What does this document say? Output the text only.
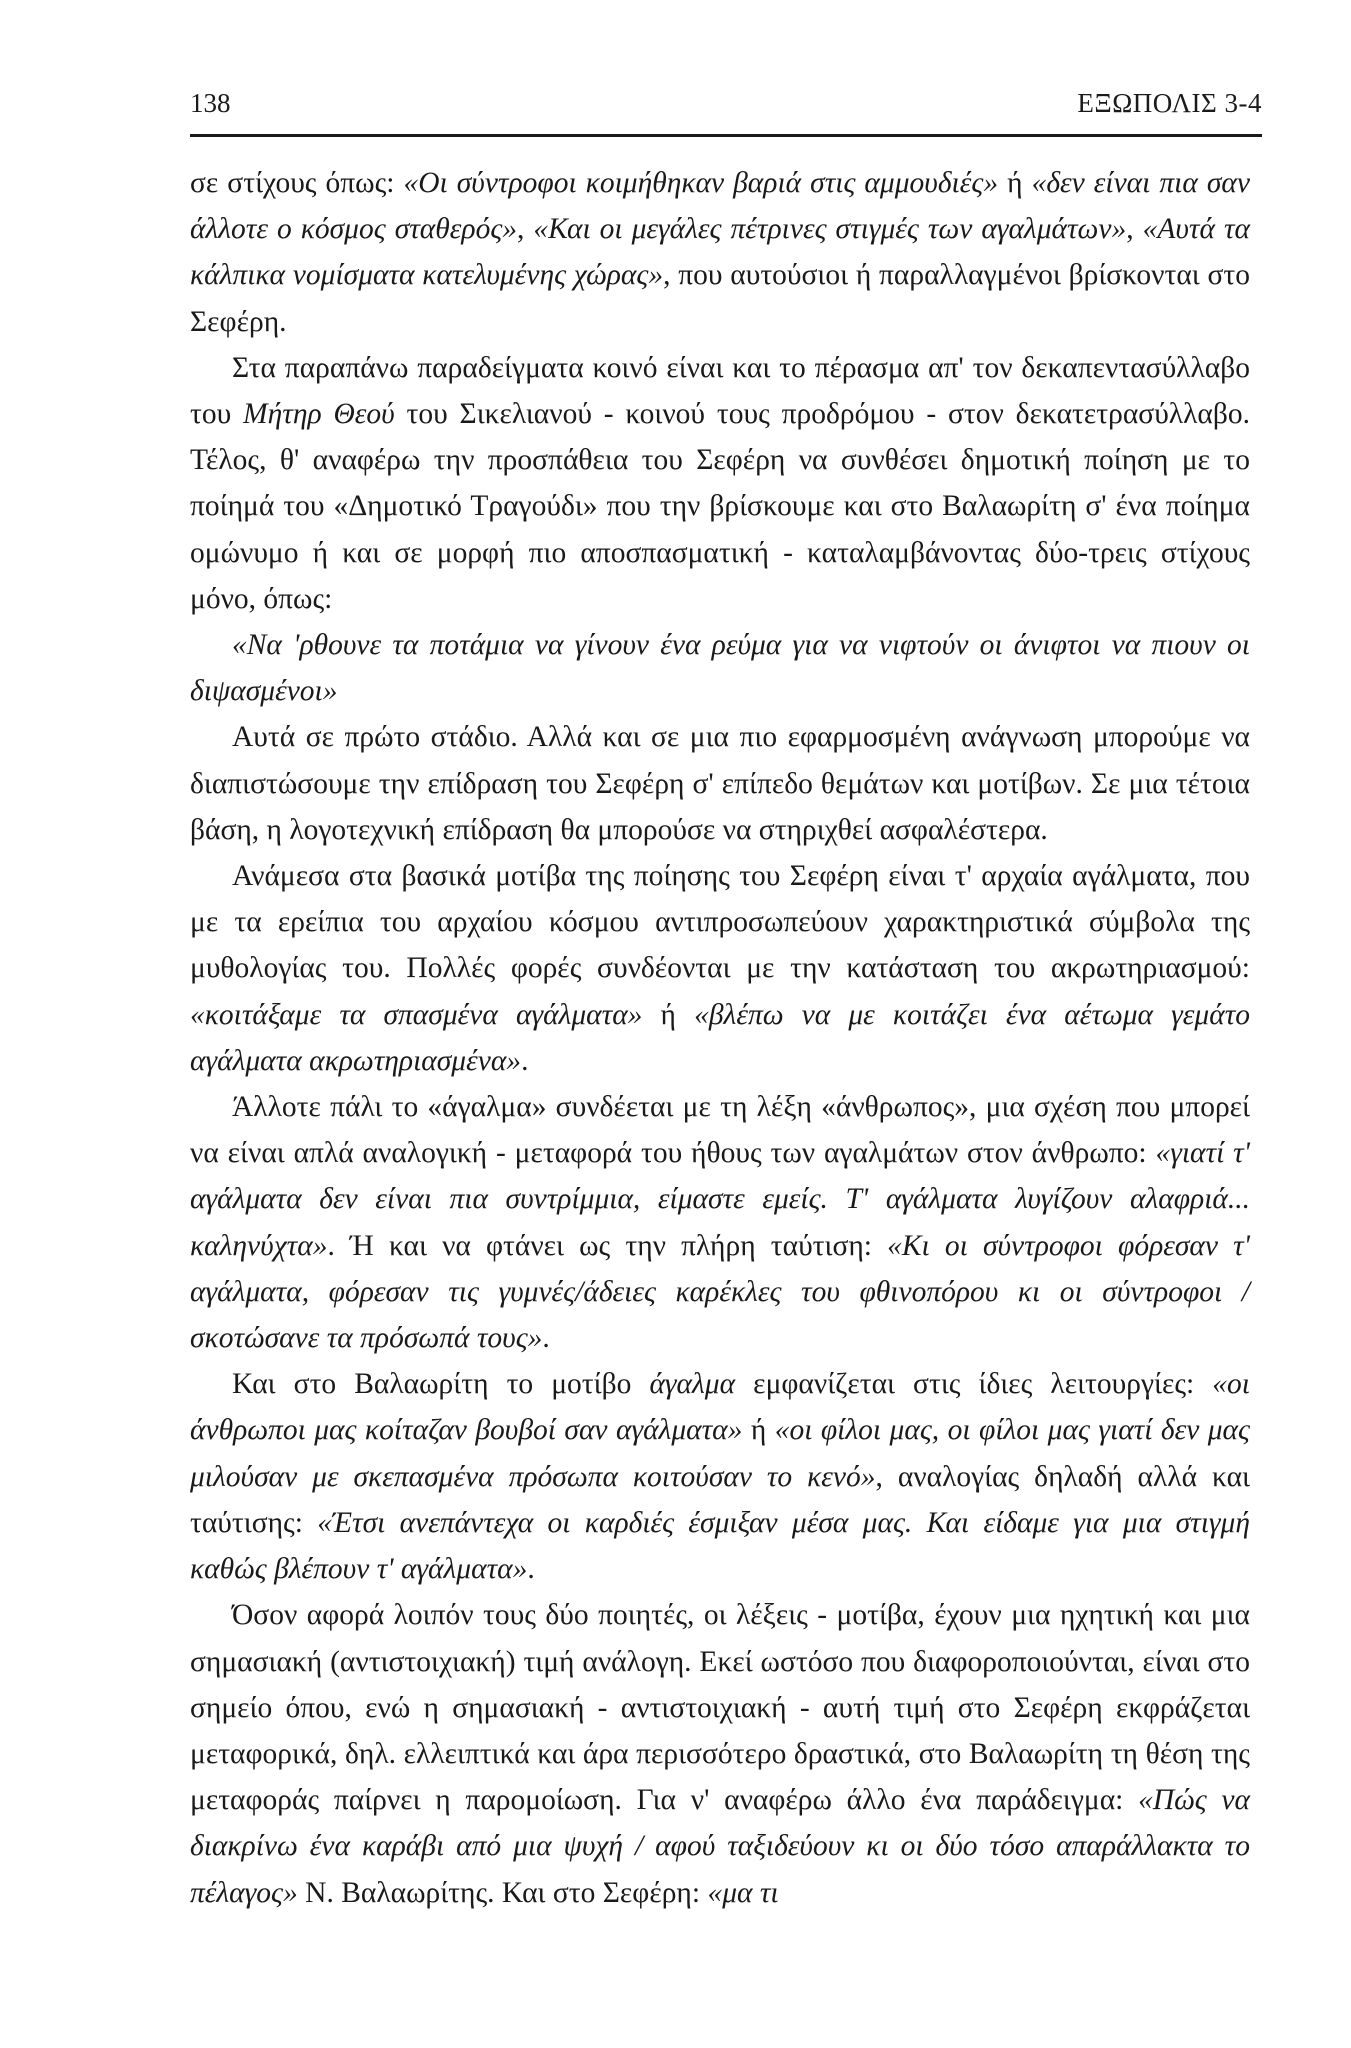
138	ΕΞΩΠΟΛΙΣ 3-4

σε στίχους όπως: «Οι σύντροφοι κοιμήθηκαν βαριά στις αμμουδιές» ή «δεν είναι πια σαν άλλοτε ο κόσμος σταθερός», «Και οι μεγάλες πέτρινες στιγμές των αγαλμάτων», «Αυτά τα κάλπικα νομίσματα κατελυμένης χώρας», που αυτούσιοι ή παραλλαγμένοι βρίσκονται στο Σεφέρη.

Στα παραπάνω παραδείγματα κοινό είναι και το πέρασμα απ' τον δεκαπεντασύλλαβο του Μήτηρ Θεού του Σικελιανού - κοινού τους προδρόμου - στον δεκατετρασύλλαβο. Τέλος, θ' αναφέρω την προσπάθεια του Σεφέρη να συνθέσει δημοτική ποίηση με το ποίημά του «Δημοτικό Τραγούδι» που την βρίσκουμε και στο Βαλαωρίτη σ' ένα ποίημα ομώνυμο ή και σε μορφή πιο αποσπασματική - καταλαμβάνοντας δύο-τρεις στίχους μόνο, όπως:

«Να 'ρθουνε τα ποτάμια να γίνουν ένα ρεύμα για να νιφτούν οι άνιφτοι να πιουν οι διψασμένοι»

Αυτά σε πρώτο στάδιο. Αλλά και σε μια πιο εφαρμοσμένη ανάγνωση μπορούμε να διαπιστώσουμε την επίδραση του Σεφέρη σ' επίπεδο θεμάτων και μοτίβων. Σε μια τέτοια βάση, η λογοτεχνική επίδραση θα μπορούσε να στηριχθεί ασφαλέστερα.

Ανάμεσα στα βασικά μοτίβα της ποίησης του Σεφέρη είναι τ' αρχαία αγάλματα, που με τα ερείπια του αρχαίου κόσμου αντιπροσωπεύουν χαρακτηριστικά σύμβολα της μυθολογίας του. Πολλές φορές συνδέονται με την κατάσταση του ακρωτηριασμού: «κοιτάξαμε τα σπασμένα αγάλματα» ή «βλέπω να με κοιτάζει ένα αέτωμα γεμάτο αγάλματα ακρωτηριασμένα».

Άλλοτε πάλι το «άγαλμα» συνδέεται με τη λέξη «άνθρωπος», μια σχέση που μπορεί να είναι απλά αναλογική - μεταφορά του ήθους των αγαλμάτων στον άνθρωπο: «γιατί τ' αγάλματα δεν είναι πια συντρίμμια, είμαστε εμείς. Τ' αγάλματα λυγίζουν αλαφριά... καληνύχτα». Ή και να φτάνει ως την πλήρη ταύτιση: «Κι οι σύντροφοι φόρεσαν τ' αγάλματα, φόρεσαν τις γυμνές/άδειες καρέκλες του φθινοπόρου κι οι σύντροφοι / σκοτώσανε τα πρόσωπά τους».

Και στο Βαλαωρίτη το μοτίβο άγαλμα εμφανίζεται στις ίδιες λειτουργίες: «οι άνθρωποι μας κοίταζαν βουβοί σαν αγάλματα» ή «οι φίλοι μας, οι φίλοι μας γιατί δεν μας μιλούσαν με σκεπασμένα πρόσωπα κοιτούσαν το κενό», αναλογίας δηλαδή αλλά και ταύτισης: «Έτσι ανεπάντεχα οι καρδιές έσμιξαν μέσα μας. Και είδαμε για μια στιγμή καθώς βλέπουν τ' αγάλματα».

Όσον αφορά λοιπόν τους δύο ποιητές, οι λέξεις - μοτίβα, έχουν μια ηχητική και μια σημασιακή (αντιστοιχιακή) τιμή ανάλογη. Εκεί ωστόσο που διαφοροποιούνται, είναι στο σημείο όπου, ενώ η σημασιακή - αντιστοιχιακή - αυτή τιμή στο Σεφέρη εκφράζεται μεταφορικά, δηλ. ελλειπτικά και άρα περισσότερο δραστικά, στο Βαλαωρίτη τη θέση της μεταφοράς παίρνει η παρομοίωση. Για ν' αναφέρω άλλο ένα παράδειγμα: «Πώς να διακρίνω ένα καράβι από μια ψυχή / αφού ταξιδεύουν κι οι δύο τόσο απαράλλακτα το πέλαγος» Ν. Βαλαωρίτης. Και στο Σεφέρη: «μα τι
